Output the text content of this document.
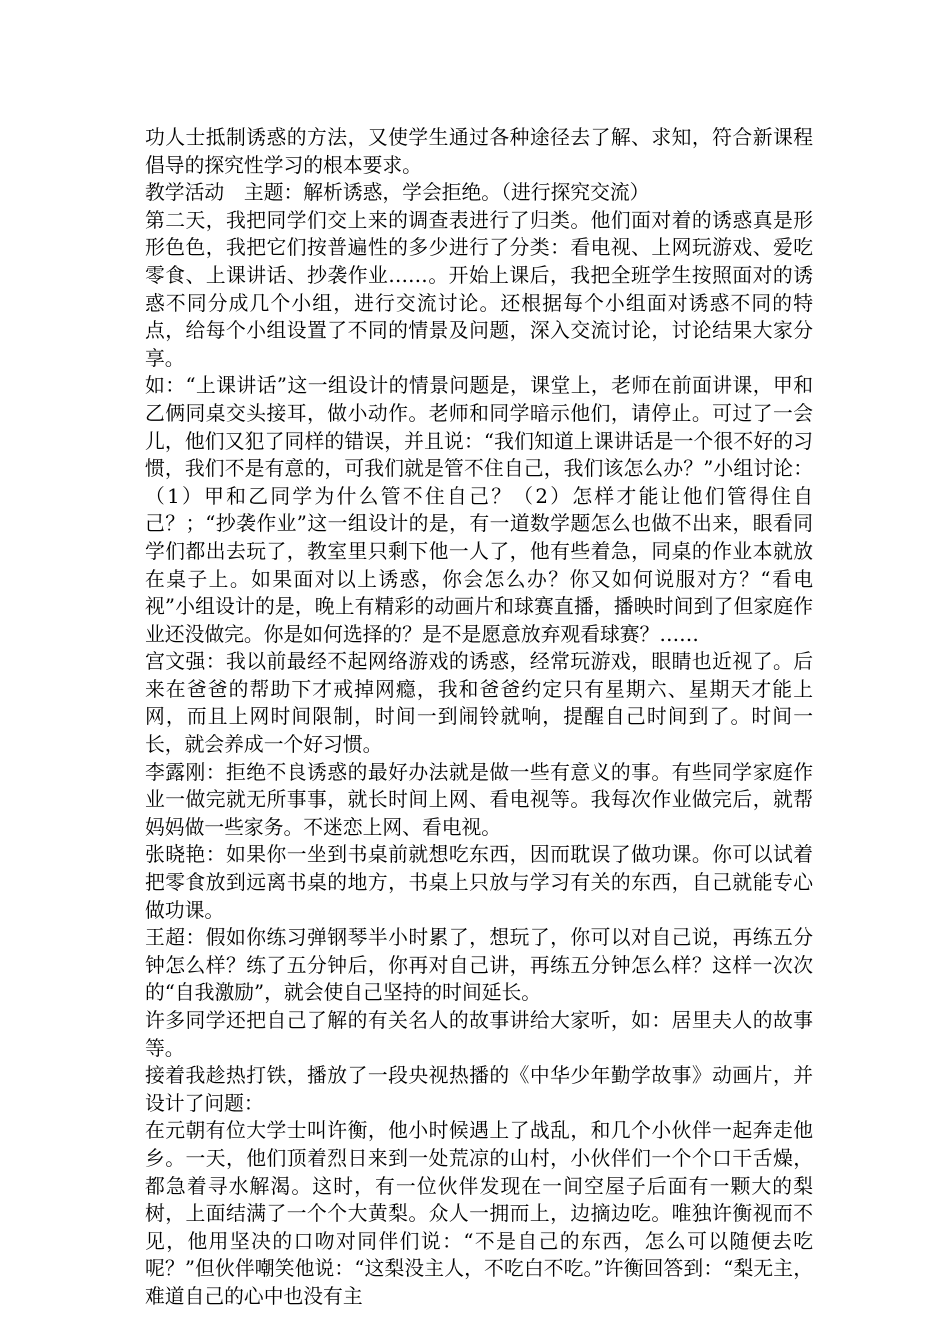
功人士抵制诱惑的方法，又使学生通过各种途径去了解、求知，符合新课程倡导的探究性学习的根本要求。

教学活动　主题：解析诱惑，学会拒绝。（进行探究交流）

第二天，我把同学们交上来的调查表进行了归类。他们面对着的诱惑真是形形色色，我把它们按普遍性的多少进行了分类：看电视、上网玩游戏、爱吃零食、上课讲话、抄袭作业……。开始上课后，我把全班学生按照面对的诱惑不同分成几个小组，进行交流讨论。还根据每个小组面对诱惑不同的特点，给每个小组设置了不同的情景及问题，深入交流讨论，讨论结果大家分享。

如：“上课讲话”这一组设计的情景问题是，课堂上，老师在前面讲课，甲和乙俩同桌交头接耳，做小动作。老师和同学暗示他们，请停止。可过了一会儿，他们又犯了同样的错误，并且说：“我们知道上课讲话是一个很不好的习惯，我们不是有意的，可我们就是管不住自己，我们该怎么办？”小组讨论：（1）甲和乙同学为什么管不住自己？（2）怎样才能让他们管得住自己？；“抄袭作业”这一组设计的是，有一道数学题怎么也做不出来，眼看同学们都出去玩了，教室里只剩下他一人了，他有些着急，同桌的作业本就放在桌子上。如果面对以上诱惑，你会怎么办？你又如何说服对方？“看电视”小组设计的是，晚上有精彩的动画片和球赛直播，播映时间到了但家庭作业还没做完。你是如何选择的？是不是愿意放弃观看球赛？……

宫文强：我以前最经不起网络游戏的诱惑，经常玩游戏，眼睛也近视了。后来在爸爸的帮助下才戒掉网瘾，我和爸爸约定只有星期六、星期天才能上网，而且上网时间限制，时间一到闹铃就响，提醒自己时间到了。时间一长，就会养成一个好习惯。

李露刚：拒绝不良诱惑的最好办法就是做一些有意义的事。有些同学家庭作业一做完就无所事事，就长时间上网、看电视等。我每次作业做完后，就帮妈妈做一些家务。不迷恋上网、看电视。

张晓艳：如果你一坐到书桌前就想吃东西，因而耽误了做功课。你可以试着把零食放到远离书桌的地方，书桌上只放与学习有关的东西，自己就能专心做功课。

王超：假如你练习弹钢琴半小时累了，想玩了，你可以对自己说，再练五分钟怎么样？练了五分钟后，你再对自己讲，再练五分钟怎么样？这样一次次的“自我激励”，就会使自己坚持的时间延长。

许多同学还把自己了解的有关名人的故事讲给大家听，如：居里夫人的故事等。

接着我趁热打铁，播放了一段央视热播的《中华少年勤学故事》动画片，并设计了问题：

在元朝有位大学士叫许衡，他小时候遇上了战乱，和几个小伙伴一起奔走他乡。一天，他们顶着烈日来到一处荒凉的山村，小伙伴们一个个口干舌燥，都急着寻水解渴。这时，有一位伙伴发现在一间空屋子后面有一颗大的梨树，上面结满了一个个大黄梨。众人一拥而上，边摘边吃。唯独许衡视而不见，他用坚决的口吻对同伴们说：“不是自己的东西，怎么可以随便去吃呢？”但伙伴嘲笑他说：“这梨没主人，不吃白不吃。”许衡回答到：“梨无主，难道自己的心中也没有主
